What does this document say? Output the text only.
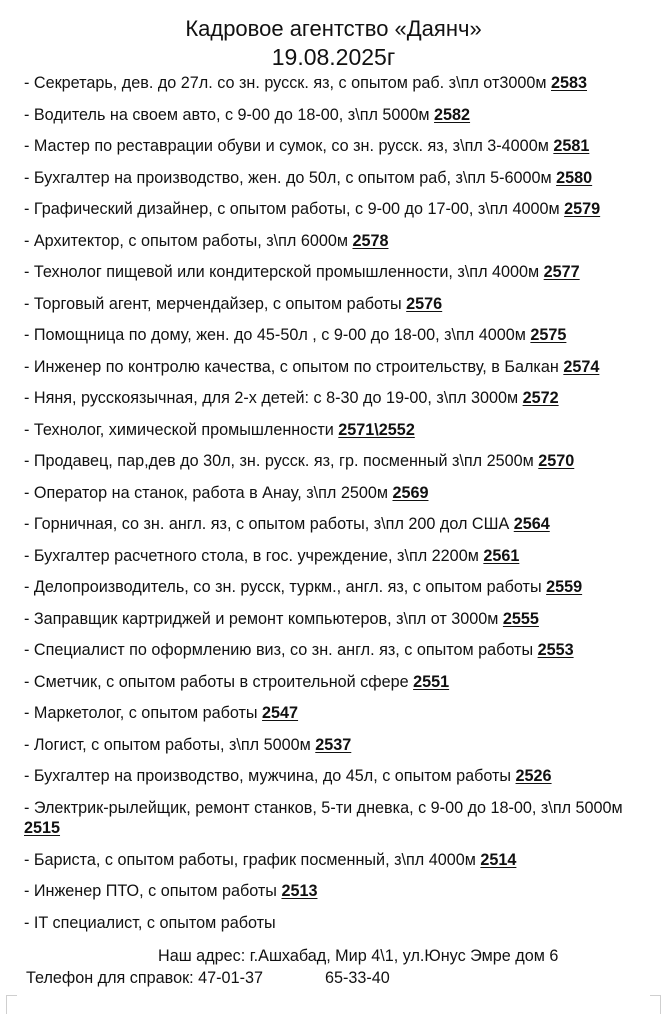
Кадровое агентство «Даянч»
19.08.2025г
- Секретарь, дев. до 27л. со зн. русск. яз, с опытом раб. з\пл от3000м 2583
- Водитель на своем авто, с 9-00 до 18-00, з\пл 5000м 2582
- Мастер по реставрации обуви и сумок, со зн. русск. яз, з\пл 3-4000м 2581
- Бухгалтер на производство, жен. до 50л, с опытом раб, з\пл 5-6000м 2580
- Графический дизайнер, с опытом работы, с 9-00 до 17-00, з\пл 4000м 2579
- Архитектор, с опытом работы, з\пл 6000м 2578
- Технолог пищевой или кондитерской промышленности, з\пл 4000м 2577
- Торговый агент, мерчендайзер, с опытом работы 2576
- Помощница по дому, жен. до 45-50л , с 9-00 до 18-00, з\пл 4000м 2575
- Инженер по контролю качества, с опытом по строительству, в Балкан 2574
- Няня, русскоязычная, для 2-х детей: с 8-30 до 19-00, з\пл 3000м 2572
- Технолог, химической промышленности 2571\2552
- Продавец, пар,дев до 30л, зн. русск. яз, гр. посменный з\пл 2500м 2570
- Оператор на станок, работа в Анау, з\пл 2500м 2569
- Горничная, со зн. англ. яз, с опытом работы, з\пл 200 дол США 2564
- Бухгалтер расчетного стола, в гос. учреждение, з\пл 2200м 2561
- Делопроизводитель, со зн. русск, туркм., англ. яз, с опытом работы 2559
- Заправщик картриджей и ремонт компьютеров, з\пл от 3000м 2555
- Специалист по оформлению виз, со зн. англ. яз, с опытом работы 2553
- Сметчик, с опытом работы в строительной сфере 2551
- Маркетолог, с опытом работы 2547
- Логист, с опытом работы, з\пл 5000м 2537
- Бухгалтер на производство, мужчина, до 45л, с опытом работы 2526
- Электрик-рылейщик, ремонт станков, 5-ти дневка, с 9-00 до 18-00, з\пл 5000м 2515
- Бариста, с опытом работы, график посменный, з\пл 4000м 2514
- Инженер ПТО, с опытом работы 2513
- IT специалист, с опытом работы
Наш адрес: г.Ашхабад, Мир 4\1, ул.Юнус Эмре дом 6
Телефон для справок: 47-01-37	65-33-40
